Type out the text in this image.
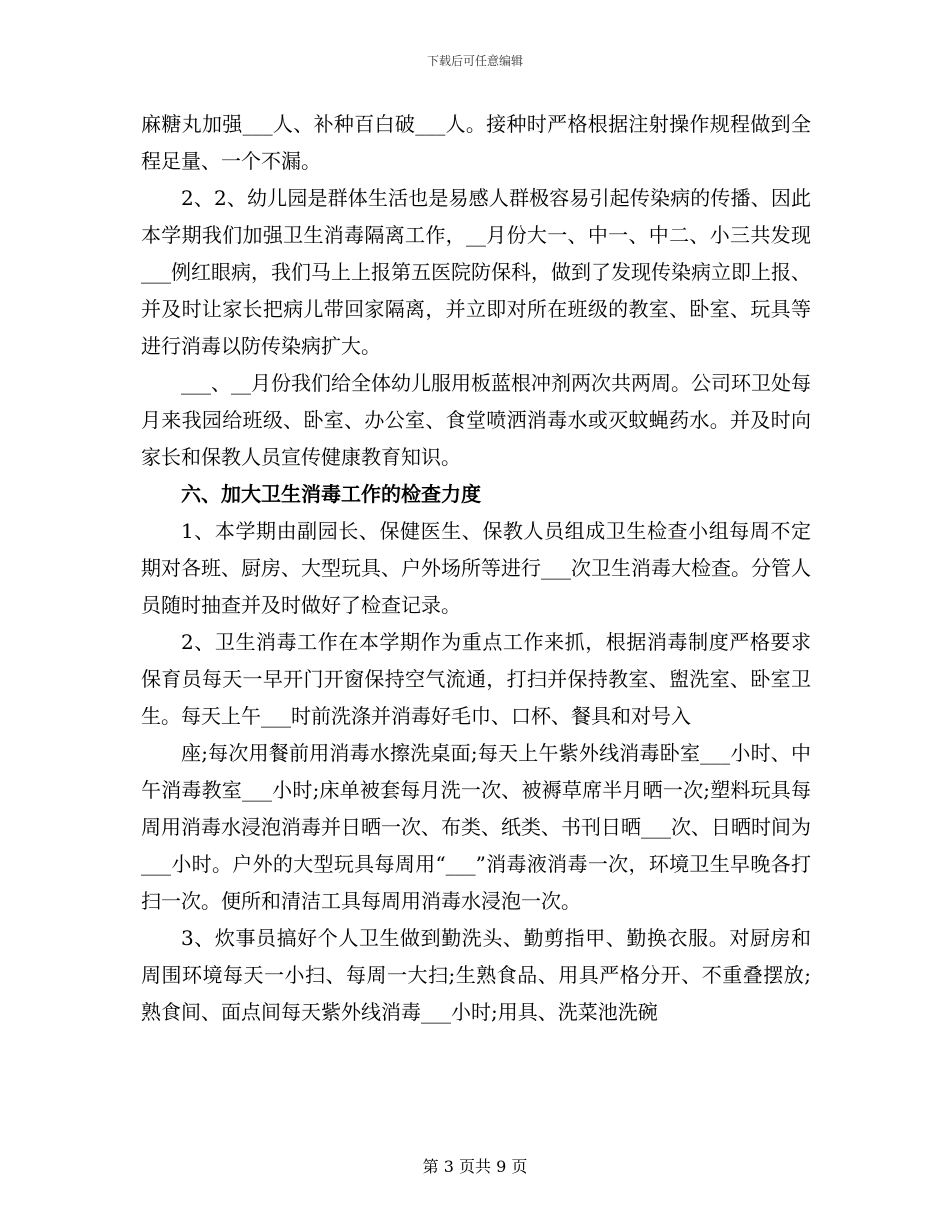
下载后可任意编辑

麻糖丸加强___人、补种百白破___人。接种时严格根据注射操作规程做到全程足量、一个不漏。

2、2、幼儿园是群体生活也是易感人群极容易引起传染病的传播、因此本学期我们加强卫生消毒隔离工作，__月份大一、中一、中二、小三共发现___例红眼病，我们马上上报第五医院防保科，做到了发现传染病立即上报、并及时让家长把病儿带回家隔离，并立即对所在班级的教室、卧室、玩具等进行消毒以防传染病扩大。

___、__月份我们给全体幼儿服用板蓝根冲剂两次共两周。公司环卫处每月来我园给班级、卧室、办公室、食堂喷洒消毒水或灭蚊蝇药水。并及时向家长和保教人员宣传健康教育知识。

六、加大卫生消毒工作的检查力度

1、本学期由副园长、保健医生、保教人员组成卫生检查小组每周不定期对各班、厨房、大型玩具、户外场所等进行___次卫生消毒大检查。分管人员随时抽查并及时做好了检查记录。

2、卫生消毒工作在本学期作为重点工作来抓，根据消毒制度严格要求保育员每天一早开门开窗保持空气流通，打扫并保持教室、盥洗室、卧室卫生。每天上午___时前洗涤并消毒好毛巾、口杯、餐具和对号入

座;每次用餐前用消毒水擦洗桌面;每天上午紫外线消毒卧室___小时、中午消毒教室___小时;床单被套每月洗一次、被褥草席半月晒一次;塑料玩具每周用消毒水浸泡消毒并日晒一次、布类、纸类、书刊日晒___次、日晒时间为___小时。户外的大型玩具每周用“___”消毒液消毒一次，环境卫生早晚各打扫一次。便所和清洁工具每周用消毒水浸泡一次。

3、炊事员搞好个人卫生做到勤洗头、勤剪指甲、勤换衣服。对厨房和周围环境每天一小扫、每周一大扫;生熟食品、用具严格分开、不重叠摆放;熟食间、面点间每天紫外线消毒___小时;用具、洗菜池洗碗

第 3 页共 9 页
